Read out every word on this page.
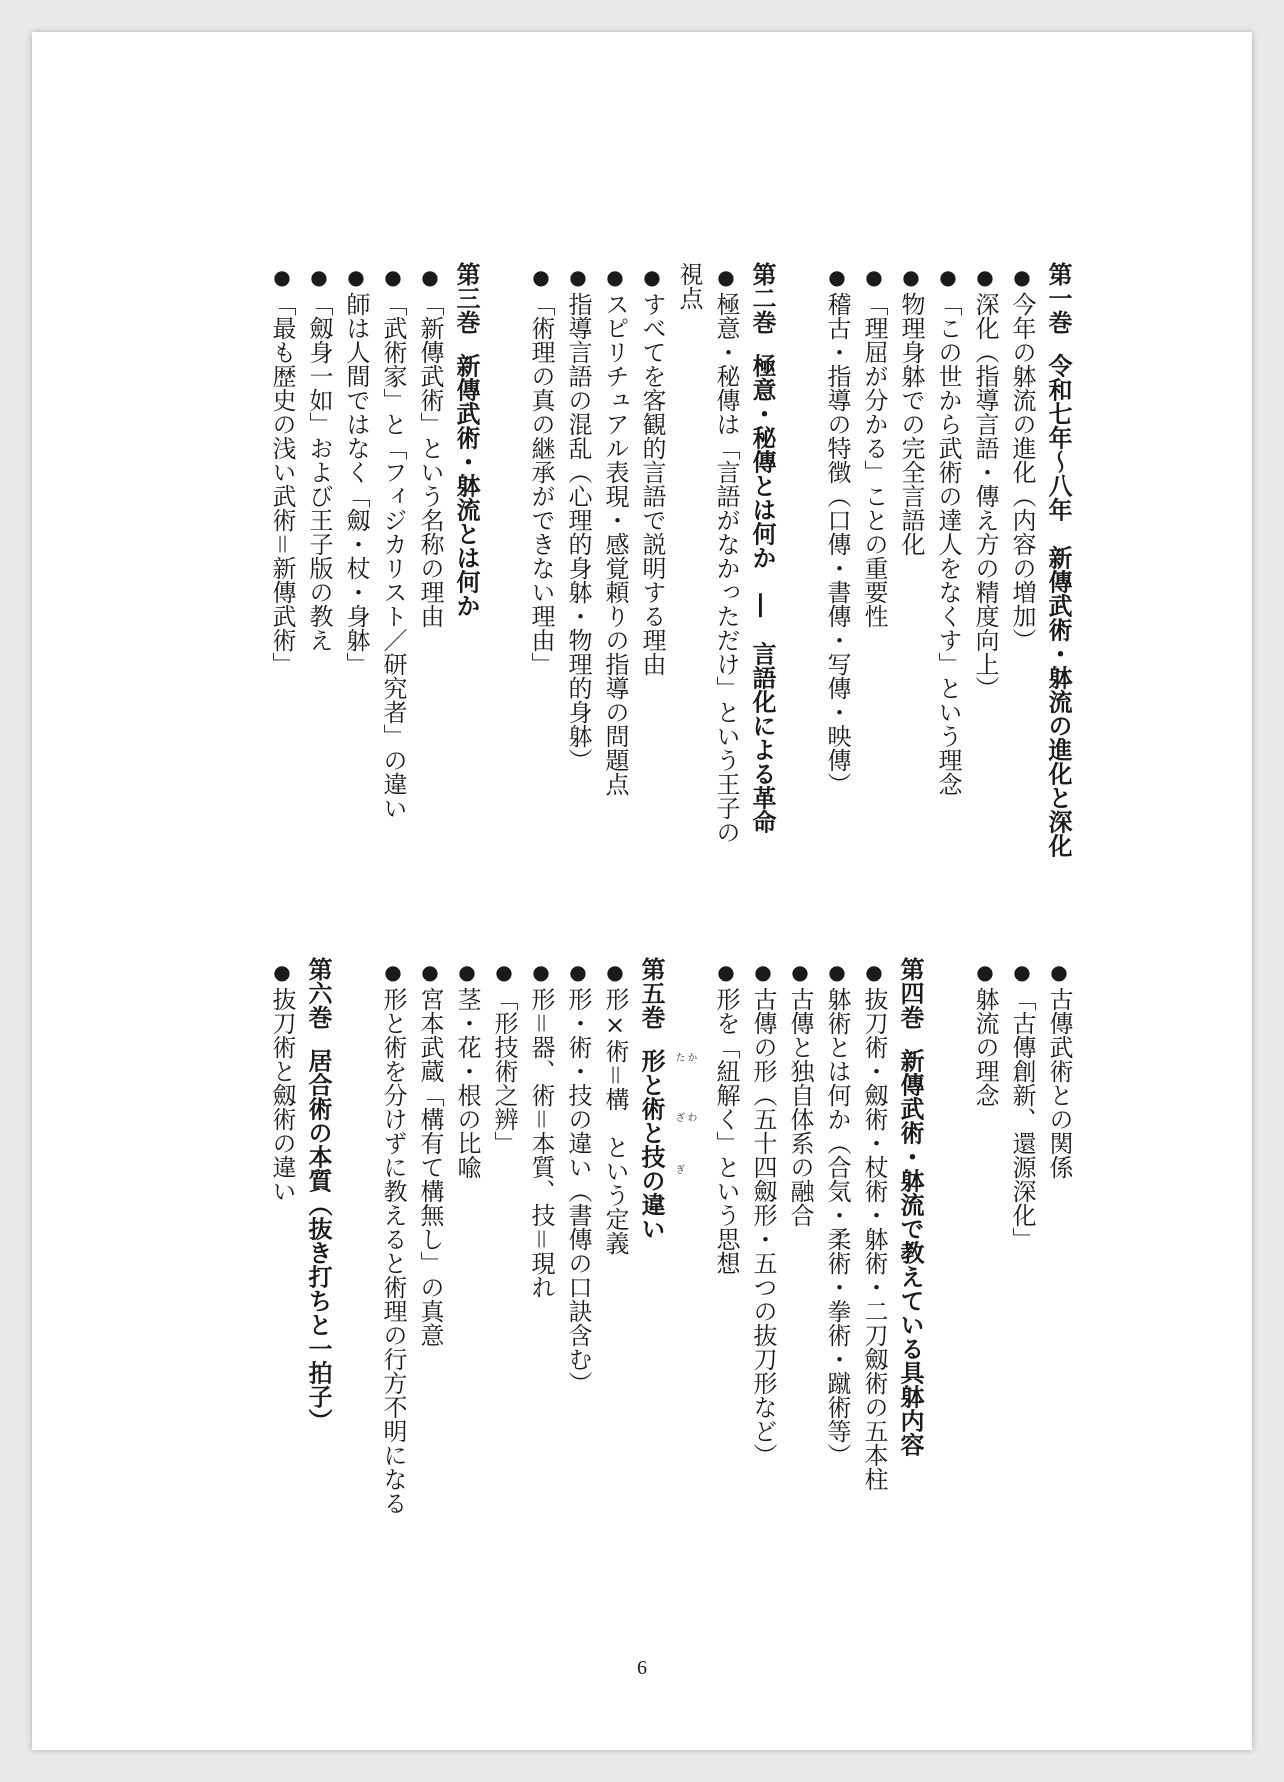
第一巻令和七年〜八年　新傳武術・躰流の進化と深化
●今年の躰流の進化（内容の増加）
●深化（指導言語・傳え方の精度向上）
●「この世から武術の達人をなくす」という理念
●物理身躰での完全言語化
●「理屈が分かる」ことの重要性
●稽古・指導の特徴（口傳・書傳・写傳・映傳）
第二巻極意・秘傳とは何か　―　言語化による革命
●極意・秘傳は「言語がなかっただけ」という王子の
視点
●すべてを客観的言語で説明する理由
●スピリチュアル表現・感覚頼りの指導の問題点
●指導言語の混乱（心理的身躰・物理的身躰）
●「術理の真の継承ができない理由」
第三巻新傳武術・躰流とは何か
●「新傳武術」という名称の理由
●「武術家」と「フィジカリスト／研究者」の違い
●師は人間ではなく「劔・杖・身躰」
●「劔身一如」および王子版の教え
●「最も歴史の浅い武術＝新傳武術」
●古傳武術との関係
●「古傳創新、還源深化」
●躰流の理念
第四巻新傳武術・躰流で教えている具躰内容
●抜刀術・劔術・杖術・躰術・二刀劔術の五本柱
●躰術とは何か（合気・柔術・拳術・蹴術等）
●古傳と独自体系の融合
●古傳の形（五十四劔形・五つの抜刀形など）
●形を「紐解く」という思想
第五巻形と術と技の違い
●形×術＝構　という定義
●形・術・技の違い（書傳の口訣含む）
●形＝器、術＝本質、技＝現れ
●「形技術之辨」
●茎・花・根の比喩
●宮本武蔵「構有て構無し」の真意
●形と術を分けずに教えると術理の行方不明になる
第六巻居合術の本質（抜き打ちと一拍子）
●抜刀術と劔術の違い	かた
わざ
ぎ
6
